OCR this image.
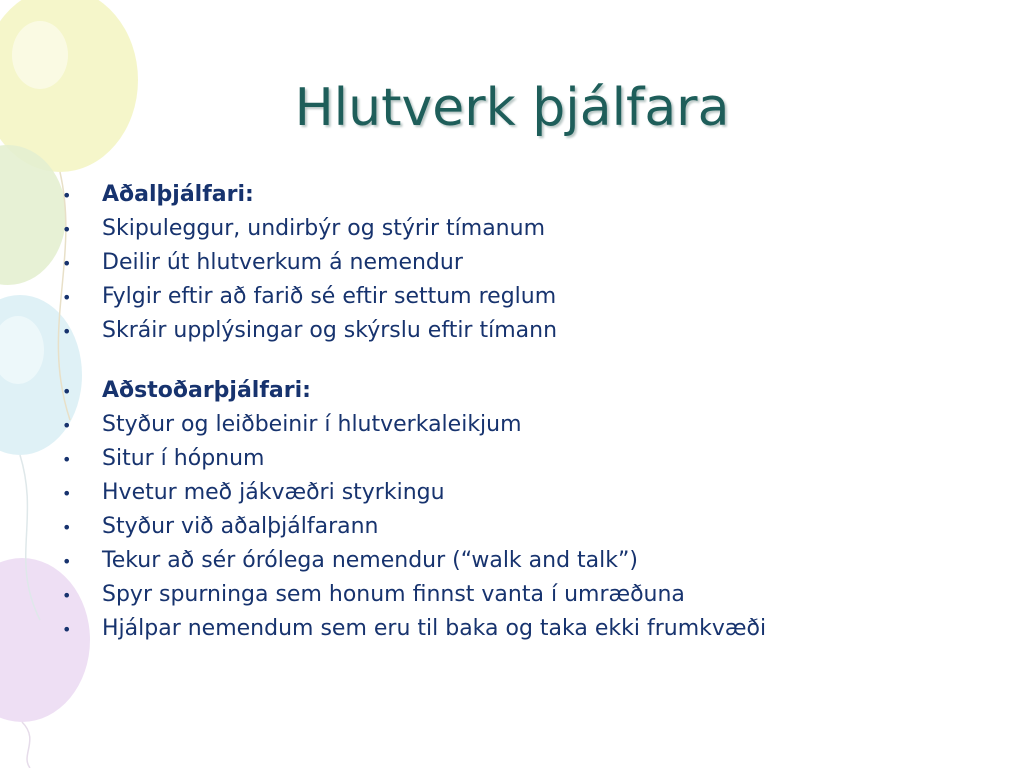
Hlutverk þjálfara
• Aðalþjálfari:
• Skipuleggur, undirbýr og stýrir tímanum
• Deilir út hlutverkum á nemendur
• Fylgir eftir að farið sé eftir settum reglum
• Skráir upplýsingar og skýrslu eftir tímann
• Aðstoðarþjálfari:
• Styður og leiðbeinir í hlutverkaleikjum
• Situr í hópnum
• Hvetur með jákvæðri styrkingu
• Styður við aðalþjálfarann
• Tekur að sér órólega nemendur (“walk and talk”)
• Spyr spurninga sem honum finnst vanta í umræðuna
• Hjálpar nemendum sem eru til baka og taka ekki frumkvæði
